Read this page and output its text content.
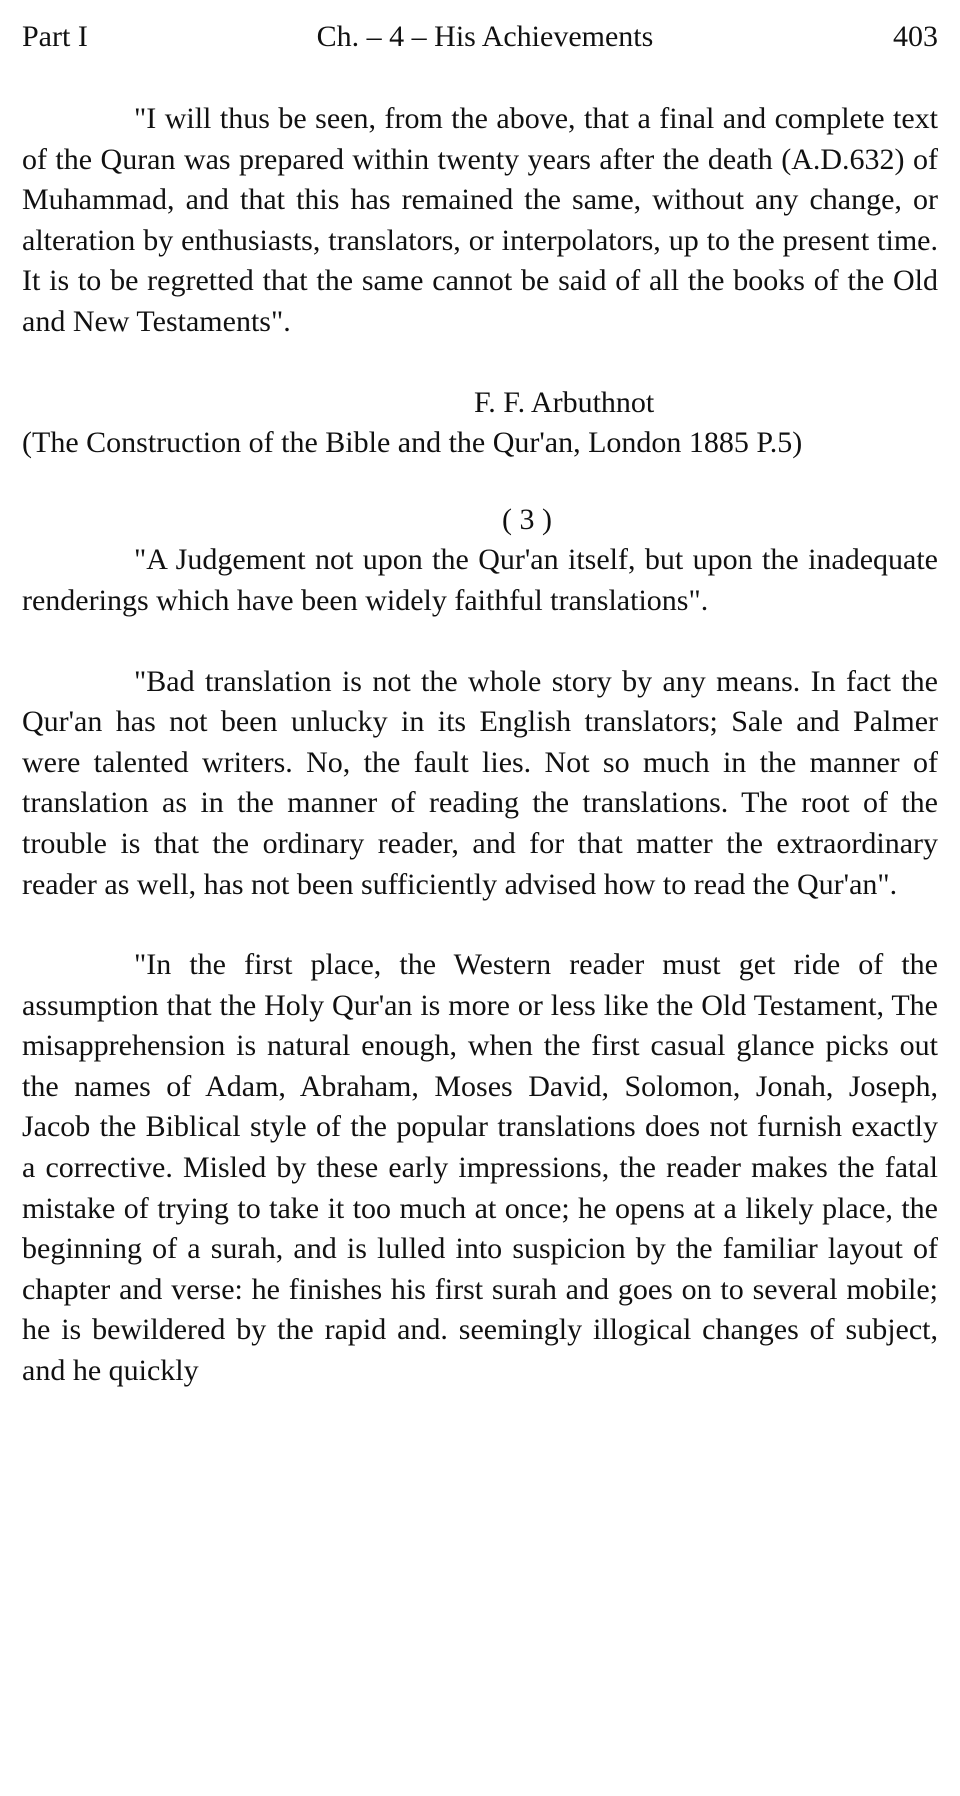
Part I	Ch. – 4 – His Achievements	403

"I will thus be seen, from the above, that a final and complete text of the Quran was prepared within twenty years after the death (A.D.632) of Muhammad, and that this has remained the same, without any change, or alteration by enthusiasts, translators, or interpolators, up to the present time. It is to be regretted that the same cannot be said of all the books of the Old and New Testaments".

F. F. Arbuthnot

(The Construction of the Bible and the Qur'an, London 1885 P.5)

( 3 )

"A Judgement not upon the Qur'an itself, but upon the inadequate renderings which have been widely faithful translations".

"Bad translation is not the whole story by any means. In fact the Qur'an has not been unlucky in its English translators; Sale and Palmer were talented writers. No, the fault lies. Not so much in the manner of translation as in the manner of reading the translations. The root of the trouble is that the ordinary reader, and for that matter the extraordinary reader as well, has not been sufficiently advised how to read the Qur'an".

"In the first place, the Western reader must get ride of the assumption that the Holy Qur'an is more or less like the Old Testament, The misapprehension is natural enough, when the first casual glance picks out the names of Adam, Abraham, Moses David, Solomon, Jonah, Joseph, Jacob the Biblical style of the popular translations does not furnish exactly a corrective. Misled by these early impressions, the reader makes the fatal mistake of trying to take it too much at once; he opens at a likely place, the beginning of a surah, and is lulled into suspicion by the familiar layout of chapter and verse: he finishes his first surah and goes on to several mobile; he is bewildered by the rapid and. seemingly illogical changes of subject, and he quickly
